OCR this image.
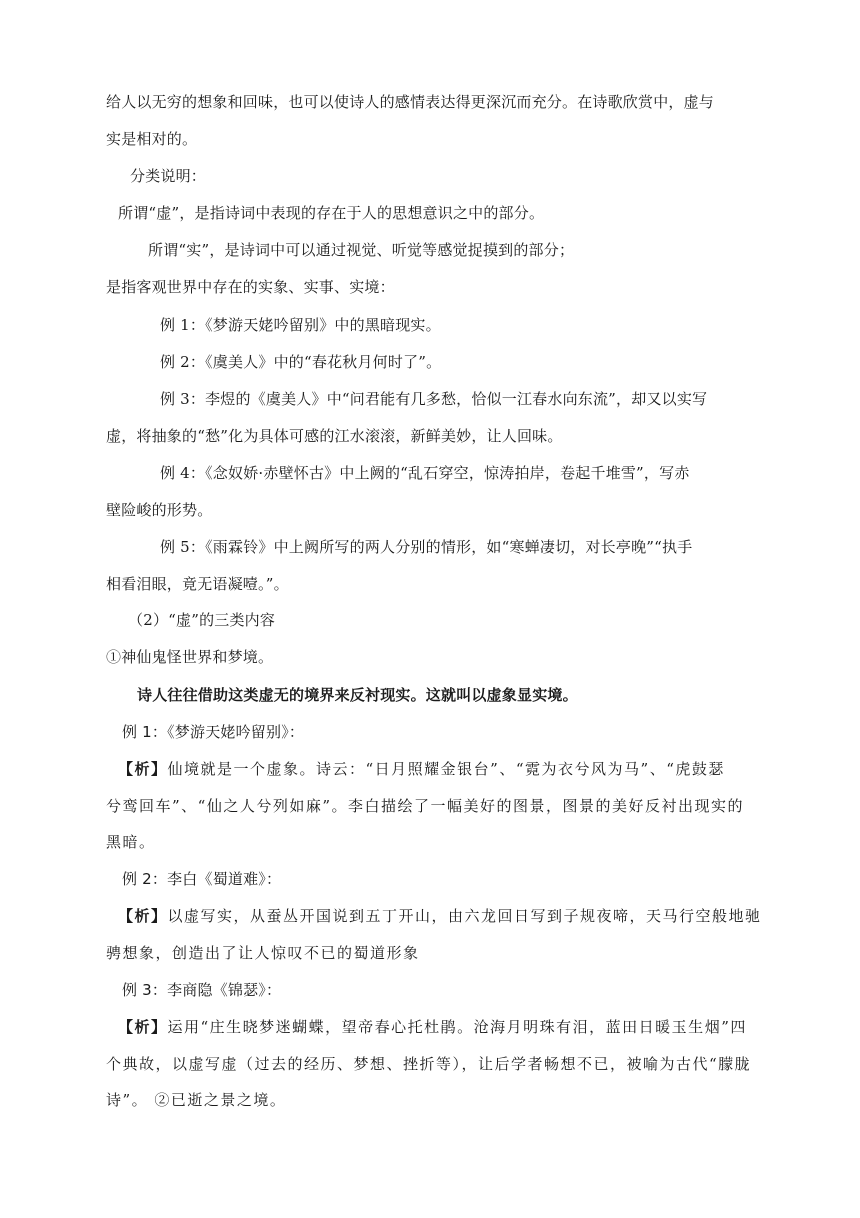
给人以无穷的想象和回味，也可以使诗人的感情表达得更深沉而充分。在诗歌欣赏中，虚与
实是相对的。
分类说明：
所谓“虚”，是指诗词中表现的存在于人的思想意识之中的部分。
所谓“实”，是诗词中可以通过视觉、听觉等感觉捉摸到的部分；
是指客观世界中存在的实象、实事、实境：
例 1：《梦游天姥吟留别》中的黑暗现实。
例 2：《虞美人》中的“春花秋月何时了”。
例 3：李煜的《虞美人》中“问君能有几多愁，恰似一江春水向东流”，却又以实写
虚，将抽象的“愁”化为具体可感的江水滚滚，新鲜美妙，让人回味。
例 4：《念奴娇·赤壁怀古》中上阙的“乱石穿空，惊涛拍岸，卷起千堆雪”，写赤
壁险峻的形势。
例 5：《雨霖铃》中上阙所写的两人分别的情形，如“寒蝉凄切，对长亭晚”“执手
相看泪眼，竟无语凝噎。”。
（2）“虚”的三类内容
①神仙鬼怪世界和梦境。
诗人往往借助这类虚无的境界来反衬现实。这就叫以虚象显实境。
例 1：《梦游天姥吟留别》：
【析】仙境就是一个虚象。诗云：“日月照耀金银台”、“霓为衣兮风为马”、“虎鼓瑟
兮鸾回车”、“仙之人兮列如麻”。李白描绘了一幅美好的图景，图景的美好反衬出现实的
黑暗。
例 2：李白《蜀道难》：
【析】以虚写实，从蚕丛开国说到五丁开山，由六龙回日写到子规夜啼，天马行空般地驰
骋想象，创造出了让人惊叹不已的蜀道形象
例 3：李商隐《锦瑟》：
【析】运用“庄生晓梦迷蝴蝶，望帝春心托杜鹃。沧海月明珠有泪，蓝田日暖玉生烟”四
个典故，以虚写虚（过去的经历、梦想、挫折等），让后学者畅想不已，被喻为古代“朦胧
诗”。 ②已逝之景之境。
